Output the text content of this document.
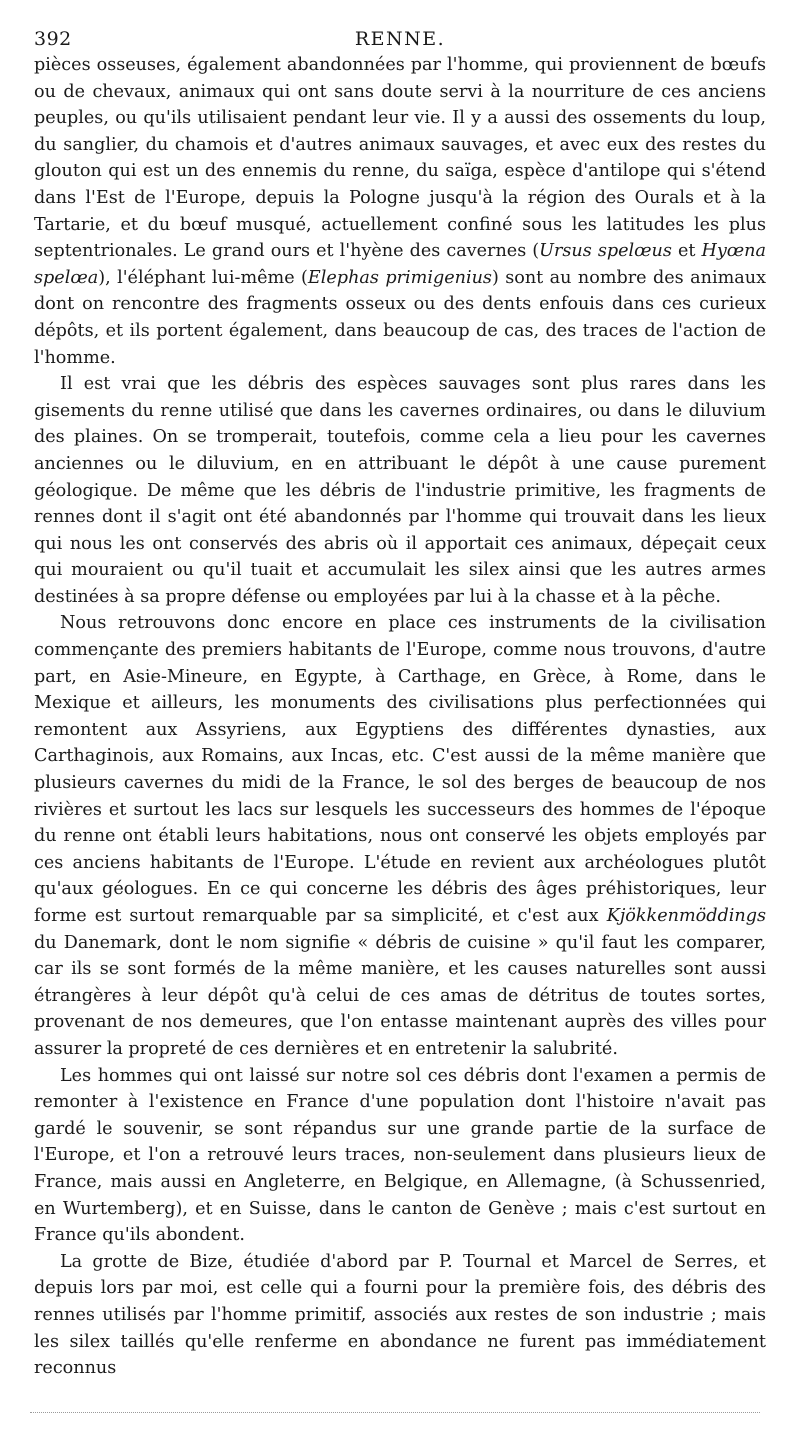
392	RENNE.

pièces osseuses, également abandonnées par l'homme, qui proviennent de bœufs ou de chevaux, animaux qui ont sans doute servi à la nourriture de ces anciens peuples, ou qu'ils utilisaient pendant leur vie. Il y a aussi des ossements du loup, du sanglier, du chamois et d'autres animaux sauvages, et avec eux des restes du glouton qui est un des ennemis du renne, du saïga, espèce d'antilope qui s'étend dans l'Est de l'Europe, depuis la Pologne jusqu'à la région des Ourals et à la Tartarie, et du bœuf musqué, actuellement confiné sous les latitudes les plus septentrionales. Le grand ours et l'hyène des cavernes (Ursus spelœus et Hyœna spelœa), l'éléphant lui-même (Elephas primigenius) sont au nombre des animaux dont on rencontre des fragments osseux ou des dents enfouis dans ces curieux dépôts, et ils portent également, dans beaucoup de cas, des traces de l'action de l'homme.

Il est vrai que les débris des espèces sauvages sont plus rares dans les gisements du renne utilisé que dans les cavernes ordinaires, ou dans le diluvium des plaines. On se tromperait, toutefois, comme cela a lieu pour les cavernes anciennes ou le diluvium, en en attribuant le dépôt à une cause purement géologique. De même que les débris de l'industrie primitive, les fragments de rennes dont il s'agit ont été abandonnés par l'homme qui trouvait dans les lieux qui nous les ont conservés des abris où il apportait ces animaux, dépeçait ceux qui mouraient ou qu'il tuait et accumulait les silex ainsi que les autres armes destinées à sa propre défense ou employées par lui à la chasse et à la pêche.

Nous retrouvons donc encore en place ces instruments de la civilisation commençante des premiers habitants de l'Europe, comme nous trouvons, d'autre part, en Asie-Mineure, en Egypte, à Carthage, en Grèce, à Rome, dans le Mexique et ailleurs, les monuments des civilisations plus perfectionnées qui remontent aux Assyriens, aux Egyptiens des différentes dynasties, aux Carthaginois, aux Romains, aux Incas, etc. C'est aussi de la même manière que plusieurs cavernes du midi de la France, le sol des berges de beaucoup de nos rivières et surtout les lacs sur lesquels les successeurs des hommes de l'époque du renne ont établi leurs habitations, nous ont conservé les objets employés par ces anciens habitants de l'Europe. L'étude en revient aux archéologues plutôt qu'aux géologues. En ce qui concerne les débris des âges préhistoriques, leur forme est surtout remarquable par sa simplicité, et c'est aux Kjökkenmöddings du Danemark, dont le nom signifie « débris de cuisine » qu'il faut les comparer, car ils se sont formés de la même manière, et les causes naturelles sont aussi étrangères à leur dépôt qu'à celui de ces amas de détritus de toutes sortes, provenant de nos demeures, que l'on entasse maintenant auprès des villes pour assurer la propreté de ces dernières et en entretenir la salubrité.

Les hommes qui ont laissé sur notre sol ces débris dont l'examen a permis de remonter à l'existence en France d'une population dont l'histoire n'avait pas gardé le souvenir, se sont répandus sur une grande partie de la surface de l'Europe, et l'on a retrouvé leurs traces, non-seulement dans plusieurs lieux de France, mais aussi en Angleterre, en Belgique, en Allemagne, (à Schussenried, en Wurtemberg), et en Suisse, dans le canton de Genève ; mais c'est surtout en France qu'ils abondent.

La grotte de Bize, étudiée d'abord par P. Tournal et Marcel de Serres, et depuis lors par moi, est celle qui a fourni pour la première fois, des débris des rennes utilisés par l'homme primitif, associés aux restes de son industrie ; mais les silex taillés qu'elle renferme en abondance ne furent pas immédiatement reconnus
